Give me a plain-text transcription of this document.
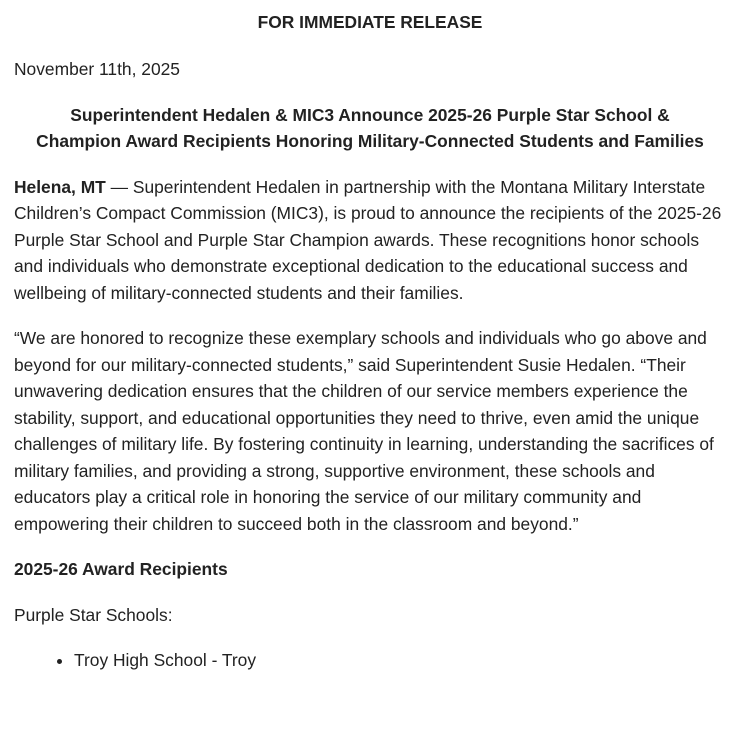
FOR IMMEDIATE RELEASE
November 11th, 2025
Superintendent Hedalen & MIC3 Announce 2025-26 Purple Star School & Champion Award Recipients Honoring Military-Connected Students and Families

Helena, MT — Superintendent Hedalen in partnership with the Montana Military Interstate Children’s Compact Commission (MIC3), is proud to announce the recipients of the 2025-26 Purple Star School and Purple Star Champion awards. These recognitions honor schools and individuals who demonstrate exceptional dedication to the educational success and wellbeing of military-connected students and their families.

“We are honored to recognize these exemplary schools and individuals who go above and beyond for our military-connected students,” said Superintendent Susie Hedalen. “Their unwavering dedication ensures that the children of our service members experience the stability, support, and educational opportunities they need to thrive, even amid the unique challenges of military life. By fostering continuity in learning, understanding the sacrifices of military families, and providing a strong, supportive environment, these schools and educators play a critical role in honoring the service of our military community and empowering their children to succeed both in the classroom and beyond.”

2025-26 Award Recipients

Purple Star Schools:

• Troy High School - Troy
